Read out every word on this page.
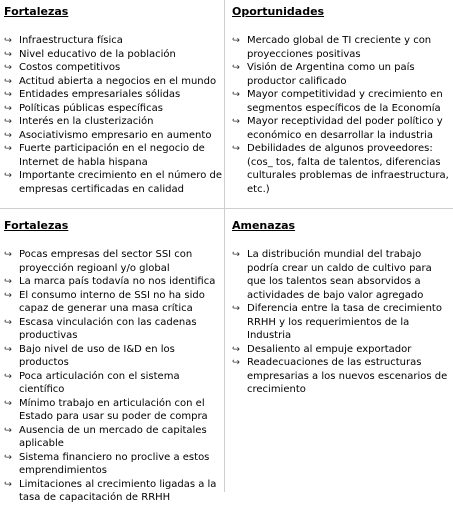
Fortalezas
↪ Infraestructura física
↪ Nivel educativo de la población
↪ Costos competitivos
↪ Actitud abierta a negocios en el mundo
↪ Entidades empresariales sólidas
↪ Políticas públicas específicas
↪ Interés en la clusterización
↪ Asociativismo empresario en aumento
↪ Fuerte participación en el negocio de Internet de habla hispana
↪ Importante crecimiento en el número de empresas certificadas en calidad
Oportunidades
↪ Mercado global de TI creciente y con proyecciones positivas
↪ Visión de Argentina como un país productor calificado
↪ Mayor competitividad y crecimiento en segmentos específicos de la Economía
↪ Mayor receptividad del poder político y económico en desarrollar la industria
↪ Debilidades de algunos proveedores: (cos_ tos, falta de talentos, diferencias culturales problemas de infraestructura, etc.)
Fortalezas
↪ Pocas empresas del sector SSI con proyección regioanl y/o global
↪ La marca país todavía no nos identifica
↪ El consumo interno de SSI no ha sido capaz de generar una masa crítica
↪ Escasa vinculación con las cadenas productivas
↪ Bajo nivel de uso de I&D en los productos
↪ Poca articulación con el sistema científico
↪ Mínimo trabajo en articulación con el Estado para usar su poder de compra
↪ Ausencia de un mercado de capitales aplicable
↪ Sistema financiero no proclive a estos emprendimientos
↪ Limitaciones al crecimiento ligadas a la tasa de capacitación de RRHH
Amenazas
↪ La distribución mundial del trabajo podría crear un caldo de cultivo para que los talentos sean absorvidos a actividades de bajo valor agregado
↪ Diferencia entre la tasa de crecimiento RRHH y los requerimientos de la Industria
↪ Desaliento al empuje exportador
↪ Readecuaciones de las estructuras empresarias a los nuevos escenarios de crecimiento
